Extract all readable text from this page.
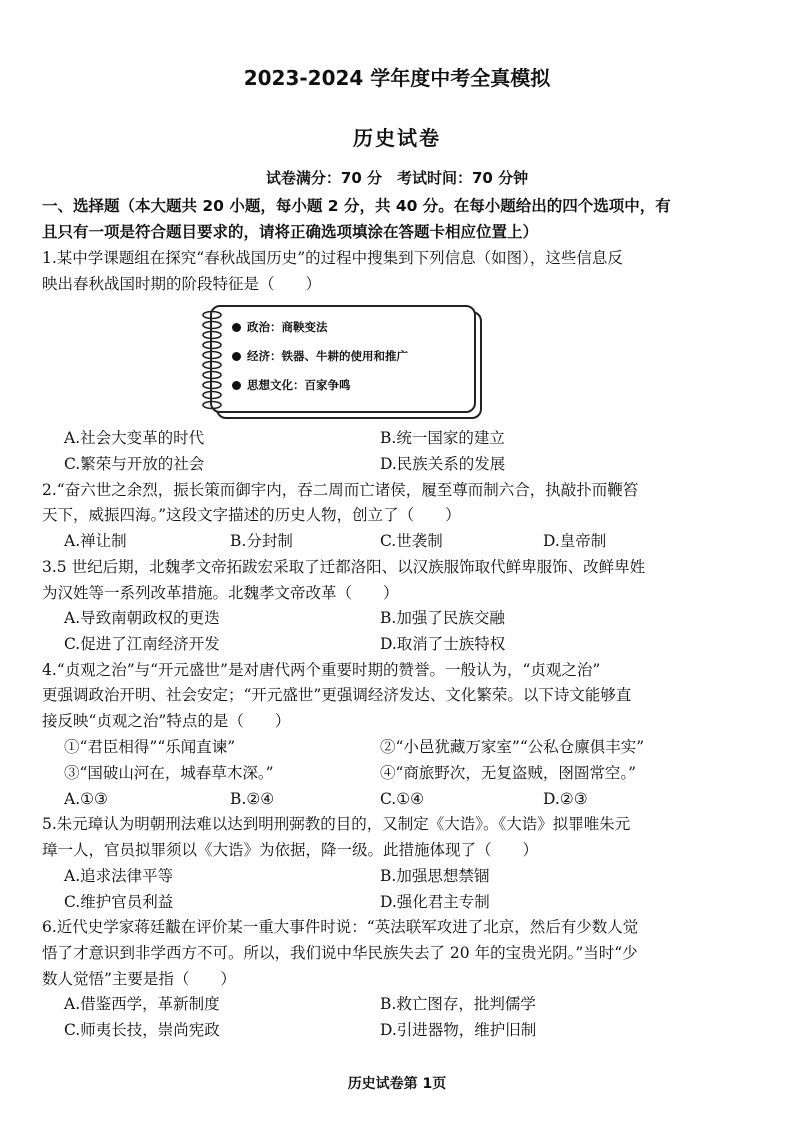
2023-2024 学年度中考全真模拟
历史试卷
试卷满分：70 分　考试时间：70 分钟
一、选择题（本大题共 20 小题，每小题 2 分，共 40 分。在每小题给出的四个选项中，有
且只有一项是符合题目要求的，请将正确选项填涂在答题卡相应位置上）
1.某中学课题组在探究“春秋战国历史”的过程中搜集到下列信息（如图），这些信息反
映出春秋战国时期的阶段特征是（　　）
政治：商鞅变法
经济：铁器、牛耕的使用和推广
思想文化：百家争鸣
A.社会大变革的时代	B.统一国家的建立
C.繁荣与开放的社会	D.民族关系的发展
2.“奋六世之余烈，振长策而御宇内，吞二周而亡诸侯，履至尊而制六合，执敲扑而鞭笞
天下，威振四海。”这段文字描述的历史人物，创立了（　　）
A.禅让制	B.分封制	C.世袭制	D.皇帝制
3.5 世纪后期，北魏孝文帝拓跋宏采取了迁都洛阳、以汉族服饰取代鲜卑服饰、改鲜卑姓
为汉姓等一系列改革措施。北魏孝文帝改革（　　）
A.导致南朝政权的更迭	B.加强了民族交融
C.促进了江南经济开发	D.取消了士族特权
4.“贞观之治”与“开元盛世”是对唐代两个重要时期的赞誉。一般认为，“贞观之治”
更强调政治开明、社会安定；“开元盛世”更强调经济发达、文化繁荣。以下诗文能够直
接反映“贞观之治”特点的是（　　）
①“君臣相得”“乐闻直谏”	②“小邑犹藏万家室”“公私仓廪俱丰实”
③“国破山河在，城春草木深。”	④“商旅野次，无复盗贼，囹圄常空。”
A.①③	B.②④	C.①④	D.②③
5.朱元璋认为明朝刑法难以达到明刑弼教的目的，又制定《大诰》。《大诰》拟罪唯朱元
璋一人，官员拟罪须以《大诰》为依据，降一级。此措施体现了（　　）
A.追求法律平等	B.加强思想禁锢
C.维护官员利益	D.强化君主专制
6.近代史学家蒋廷黻在评价某一重大事件时说：“英法联军攻进了北京，然后有少数人觉
悟了才意识到非学西方不可。所以，我们说中华民族失去了 20 年的宝贵光阴。”当时“少
数人觉悟”主要是指（　　）
A.借鉴西学，革新制度	B.救亡图存，批判儒学
C.师夷长技，崇尚宪政	D.引进器物，维护旧制
历史试卷第 1页
